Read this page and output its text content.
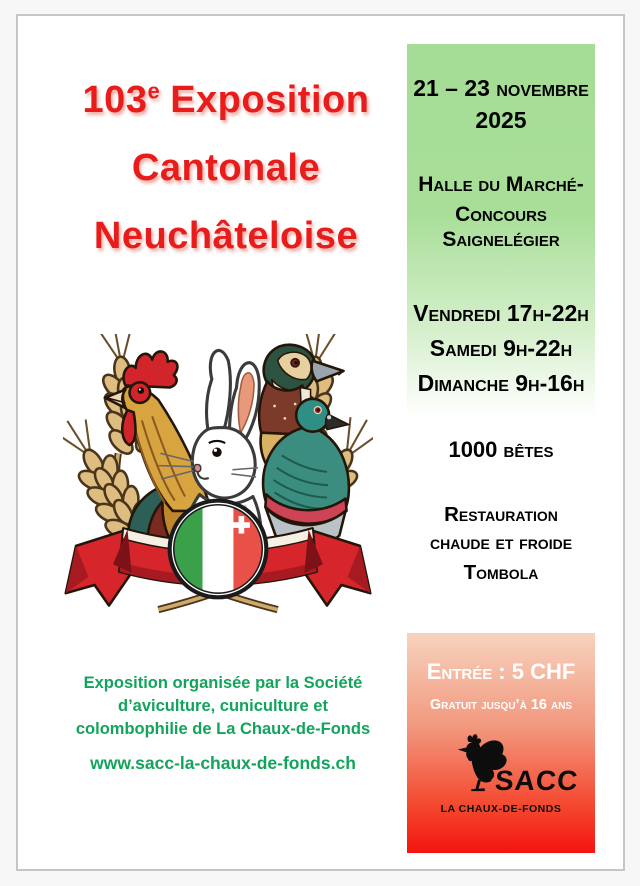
103e Exposition
Cantonale
Neuchâteloise
Exposition organisée par la Société
d’aviculture, cuniculture et
colombophilie de La Chaux-de-Fonds
www.sacc-la-chaux-de-fonds.ch
21 – 23 novembre 2025
Halle du Marché-Concours
Saignelégier
Vendredi 17h-22h
Samedi 9h-22h
Dimanche 9h-16h
1000 bêtes
Restauration
chaude et froide
Tombola
Entrée : 5 CHF
Gratuit jusqu’à 16 ans
SACC
LA CHAUX-DE-FONDS
